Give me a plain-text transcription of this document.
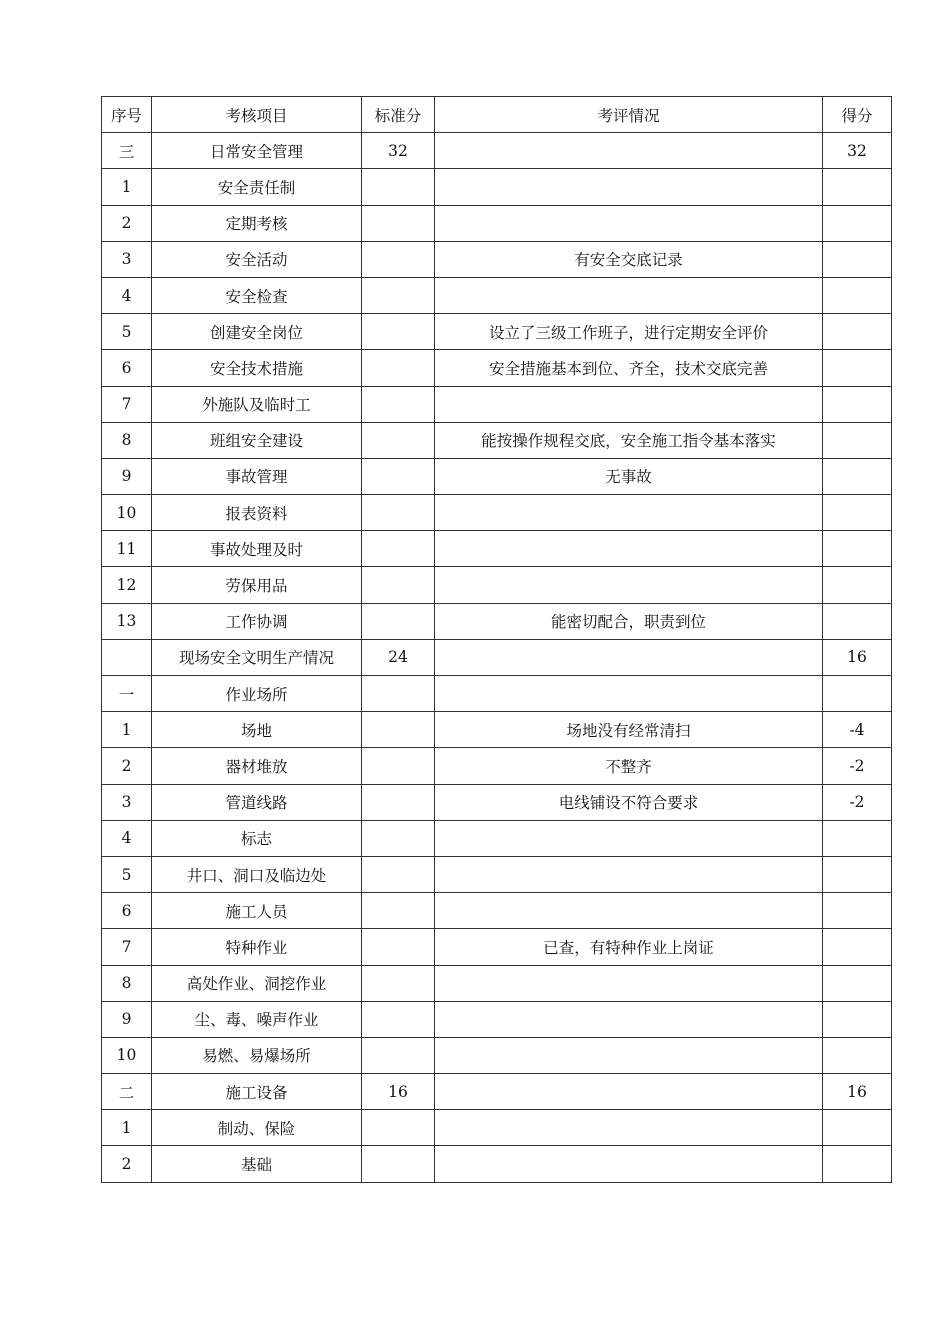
序号	考核项目	标准分	考评情况	得分
三	日常安全管理	32		32
1	安全责任制			
2	定期考核			
3	安全活动		有安全交底记录	
4	安全检查			
5	创建安全岗位		设立了三级工作班子，进行定期安全评价	
6	安全技术措施		安全措施基本到位、齐全，技术交底完善	
7	外施队及临时工			
8	班组安全建设		能按操作规程交底，安全施工指令基本落实	
9	事故管理		无事故	
10	报表资料			
11	事故处理及时			
12	劳保用品			
13	工作协调		能密切配合，职责到位	
	现场安全文明生产情况	24		16
一	作业场所			
1	场地		场地没有经常清扫	-4
2	器材堆放		不整齐	-2
3	管道线路		电线铺设不符合要求	-2
4	标志			
5	井口、洞口及临边处			
6	施工人员			
7	特种作业		已查，有特种作业上岗证	
8	高处作业、洞挖作业			
9	尘、毒、噪声作业			
10	易燃、易爆场所			
二	施工设备	16		16
1	制动、保险			
2	基础			
